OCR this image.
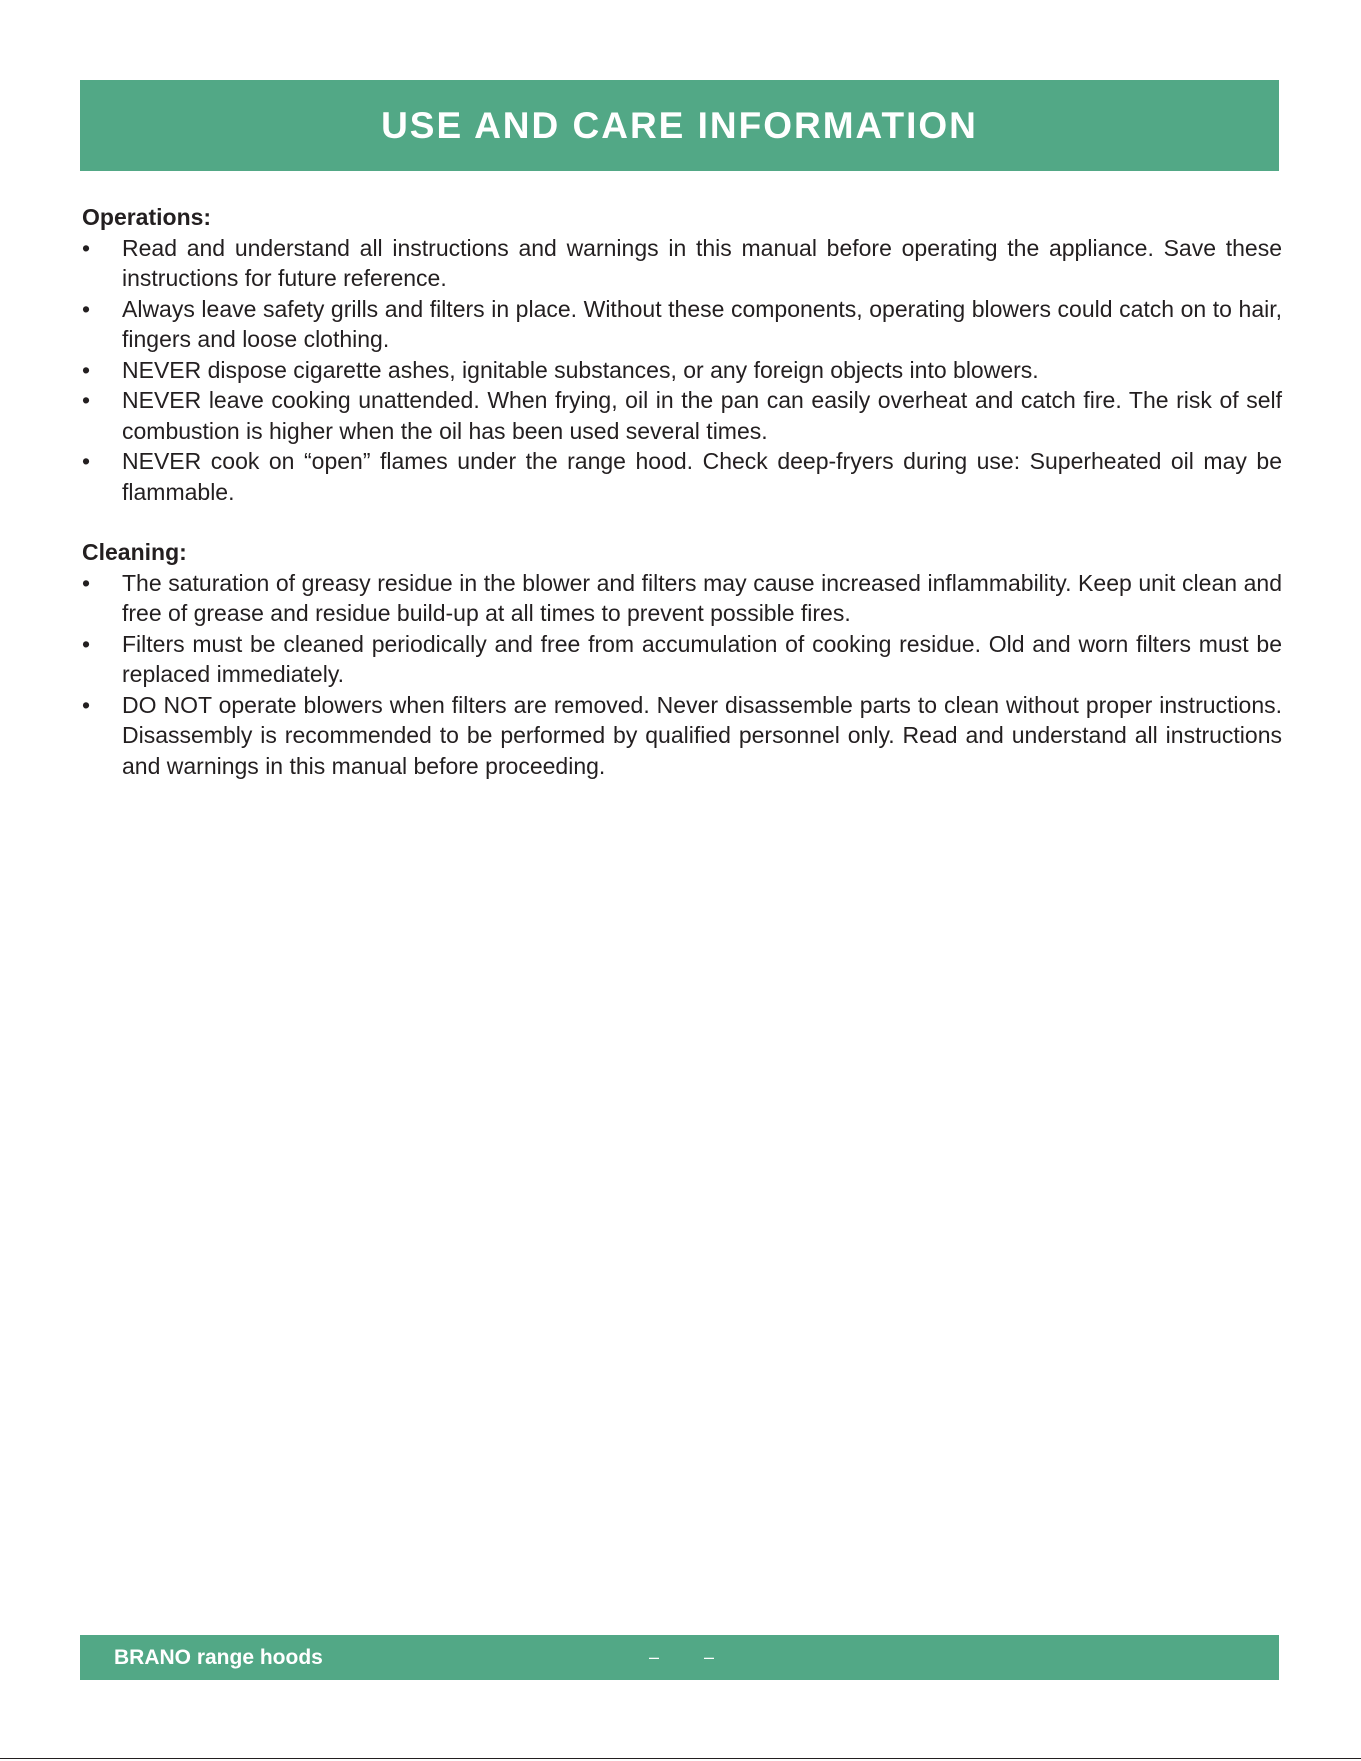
USE AND CARE INFORMATION

Operations:

•	Read and understand all instructions and warnings in this manual before operating the appliance. Save these instructions for future reference.
•	Always leave safety grills and filters in place. Without these components, operating blowers could catch on to hair, fingers and loose clothing.
•	NEVER dispose cigarette ashes, ignitable substances, or any foreign objects into blowers.
•	NEVER leave cooking unattended. When frying, oil in the pan can easily overheat and catch fire. The risk of self combustion is higher when the oil has been used several times.
•	NEVER cook on “open” flames under the range hood. Check deep-fryers during use: Superheated oil may be flammable.

Cleaning:

•	The saturation of greasy residue in the blower and filters may cause increased inflammability. Keep unit clean and free of grease and residue build-up at all times to prevent possible fires.
•	Filters must be cleaned periodically and free from accumulation of cooking residue. Old and worn filters must be replaced immediately.
•	DO NOT operate blowers when filters are removed. Never disassemble parts to clean without proper instructions. Disassembly is recommended to be performed by qualified personnel only. Read and understand all instructions and warnings in this manual before proceeding.
BRANO range hoods	– –
